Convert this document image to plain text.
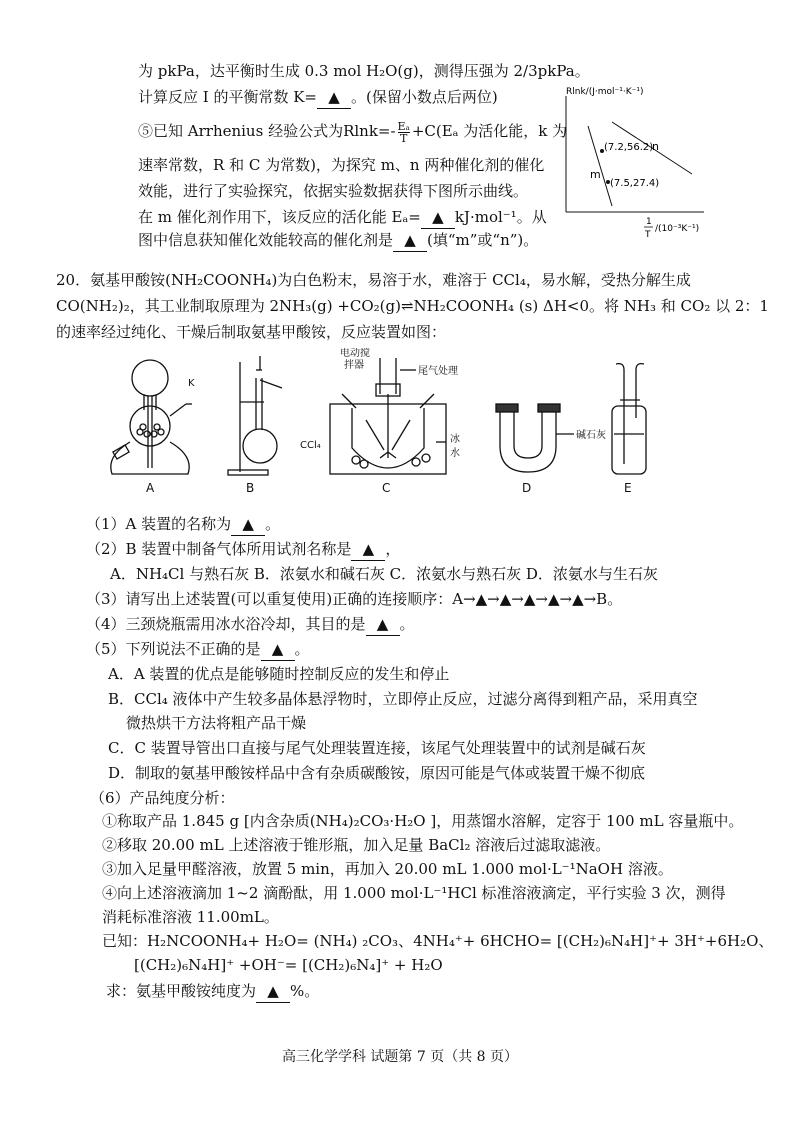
为 pkPa，达平衡时生成 0.3 mol H₂O(g)，测得压强为 2/3pkPa。
计算反应 I 的平衡常数 K= ▲ 。(保留小数点后两位)
⑤已知 Arrhenius 经验公式为$Rlnk=- \frac{\text{Eₐ}}{T} +C(E_a$ 为活化能，k 为
速率常数，R 和 C 为常数)，为探究 m、n 两种催化剂的催化
效能，进行了实验探究，依据实验数据获得下图所示曲线。
在 m 催化剂作用下，该反应的活化能 Eₐ= ▲ kJ·mol⁻¹。从
图中信息获知催化效能较高的催化剂是 ▲ (填“m”或“n”)。
Rlnk/(J·mol⁻¹·K⁻¹)
(7.2,56.2)
(7.5,27.4)
n
m
1
T
/(10⁻³K⁻¹)
20．氨基甲酸铵(NH₂COONH₄)为白色粉末，易溶于水，难溶于 CCl₄，易水解，受热分解生成
CO(NH₂)₂，其工业制取原理为 2NH₃(g) +CO₂(g)⇌NH₂COONH₄ (s) ΔH<0。将 NH₃ 和 CO₂ 以 2：1
的速率经过纯化、干燥后制取氨基甲酸铵，反应装置如图：
A
K
B	C
电动搅
拌器
尾气处理
CCl₄
冰
水
D
碱石灰
E
（1）A 装置的名称为 ▲ 。
（2）B 装置中制备气体所用试剂名称是 ▲ ，
A．NH₄Cl 与熟石灰 B．浓氨水和碱石灰 C．浓氨水与熟石灰 D．浓氨水与生石灰
（3）请写出上述装置(可以重复使用)正确的连接顺序：A→▲→▲→▲→▲→▲→B。
（4）三颈烧瓶需用冰水浴冷却，其目的是 ▲ 。
（5）下列说法不正确的是 ▲ 。
A．A 装置的优点是能够随时控制反应的发生和停止
B．CCl₄ 液体中产生较多晶体悬浮物时，立即停止反应，过滤分离得到粗产品，采用真空
微热烘干方法将粗产品干燥
C．C 装置导管出口直接与尾气处理装置连接，该尾气处理装置中的试剂是碱石灰
D．制取的氨基甲酸铵样品中含有杂质碳酸铵，原因可能是气体或装置干燥不彻底
（6）产品纯度分析：
①称取产品 1.845 g [内含杂质(NH₄)₂CO₃·H₂O ]，用蒸馏水溶解，定容于 100 mL 容量瓶中。
②移取 20.00 mL 上述溶液于锥形瓶，加入足量 BaCl₂ 溶液后过滤取滤液。
③加入足量甲醛溶液，放置 5 min，再加入 20.00 mL 1.000 mol·L⁻¹NaOH 溶液。
④向上述溶液滴加 1~2 滴酚酞，用 1.000 mol·L⁻¹HCl 标准溶液滴定，平行实验 3 次，测得
消耗标准溶液 11.00mL。
已知：H₂NCOONH₄+ H₂O= (NH₄) ₂CO₃、4NH₄⁺+ 6HCHO= [(CH₂)₆N₄H]⁺+ 3H⁺+6H₂O、
[(CH₂)₆N₄H]⁺ +OH⁻= [(CH₂)₆N₄]⁺ + H₂O
求：氨基甲酸铵纯度为 ▲ %。
高三化学学科 试题第 7 页（共 8 页）
